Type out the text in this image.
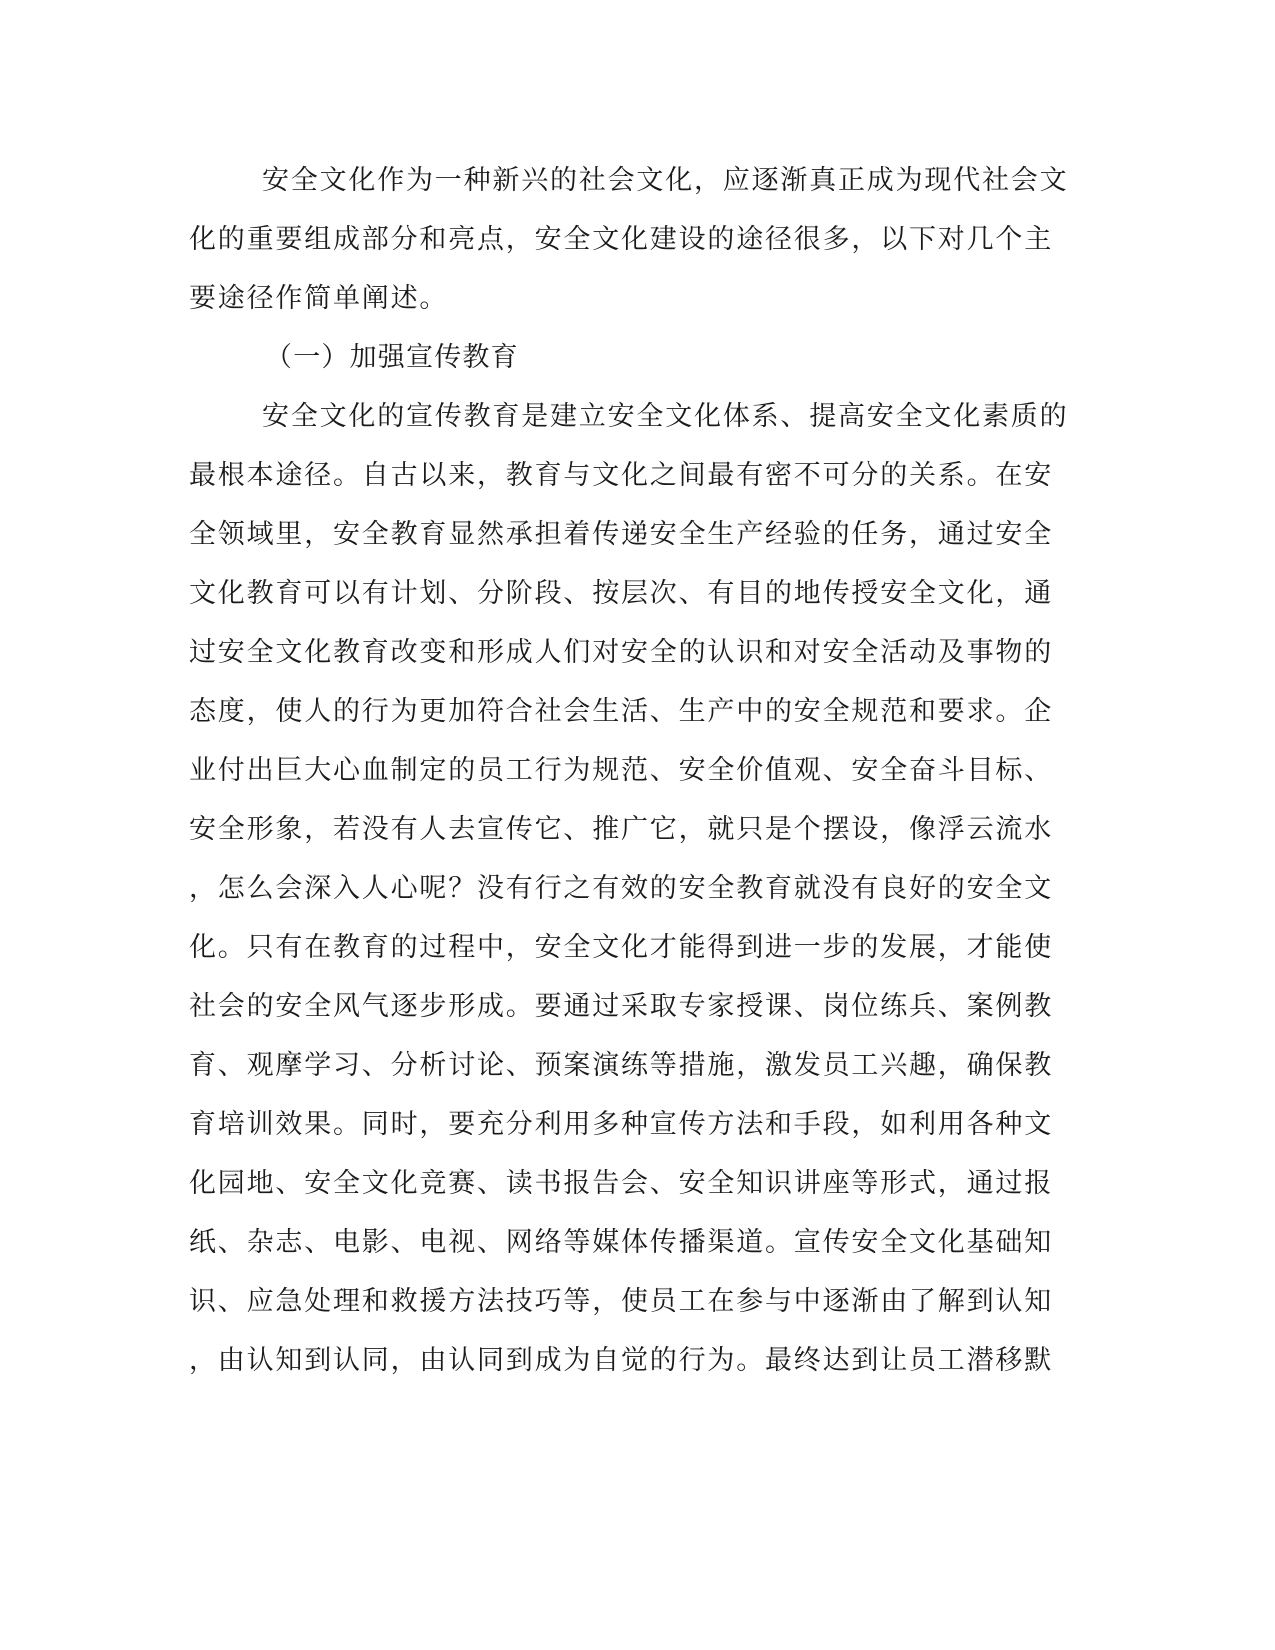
安全文化作为一种新兴的社会文化，应逐渐真正成为现代社会文
化的重要组成部分和亮点，安全文化建设的途径很多，以下对几个主
要途径作简单阐述。
（一）加强宣传教育
安全文化的宣传教育是建立安全文化体系、提高安全文化素质的
最根本途径。自古以来，教育与文化之间最有密不可分的关系。在安
全领域里，安全教育显然承担着传递安全生产经验的任务，通过安全
文化教育可以有计划、分阶段、按层次、有目的地传授安全文化，通
过安全文化教育改变和形成人们对安全的认识和对安全活动及事物的
态度，使人的行为更加符合社会生活、生产中的安全规范和要求。企
业付出巨大心血制定的员工行为规范、安全价值观、安全奋斗目标、
安全形象，若没有人去宣传它、推广它，就只是个摆设，像浮云流水
，怎么会深入人心呢？没有行之有效的安全教育就没有良好的安全文
化。只有在教育的过程中，安全文化才能得到进一步的发展，才能使
社会的安全风气逐步形成。要通过采取专家授课、岗位练兵、案例教
育、观摩学习、分析讨论、预案演练等措施，激发员工兴趣，确保教
育培训效果。同时，要充分利用多种宣传方法和手段，如利用各种文
化园地、安全文化竞赛、读书报告会、安全知识讲座等形式，通过报
纸、杂志、电影、电视、网络等媒体传播渠道。宣传安全文化基础知
识、应急处理和救援方法技巧等，使员工在参与中逐渐由了解到认知
，由认知到认同，由认同到成为自觉的行为。最终达到让员工潜移默
